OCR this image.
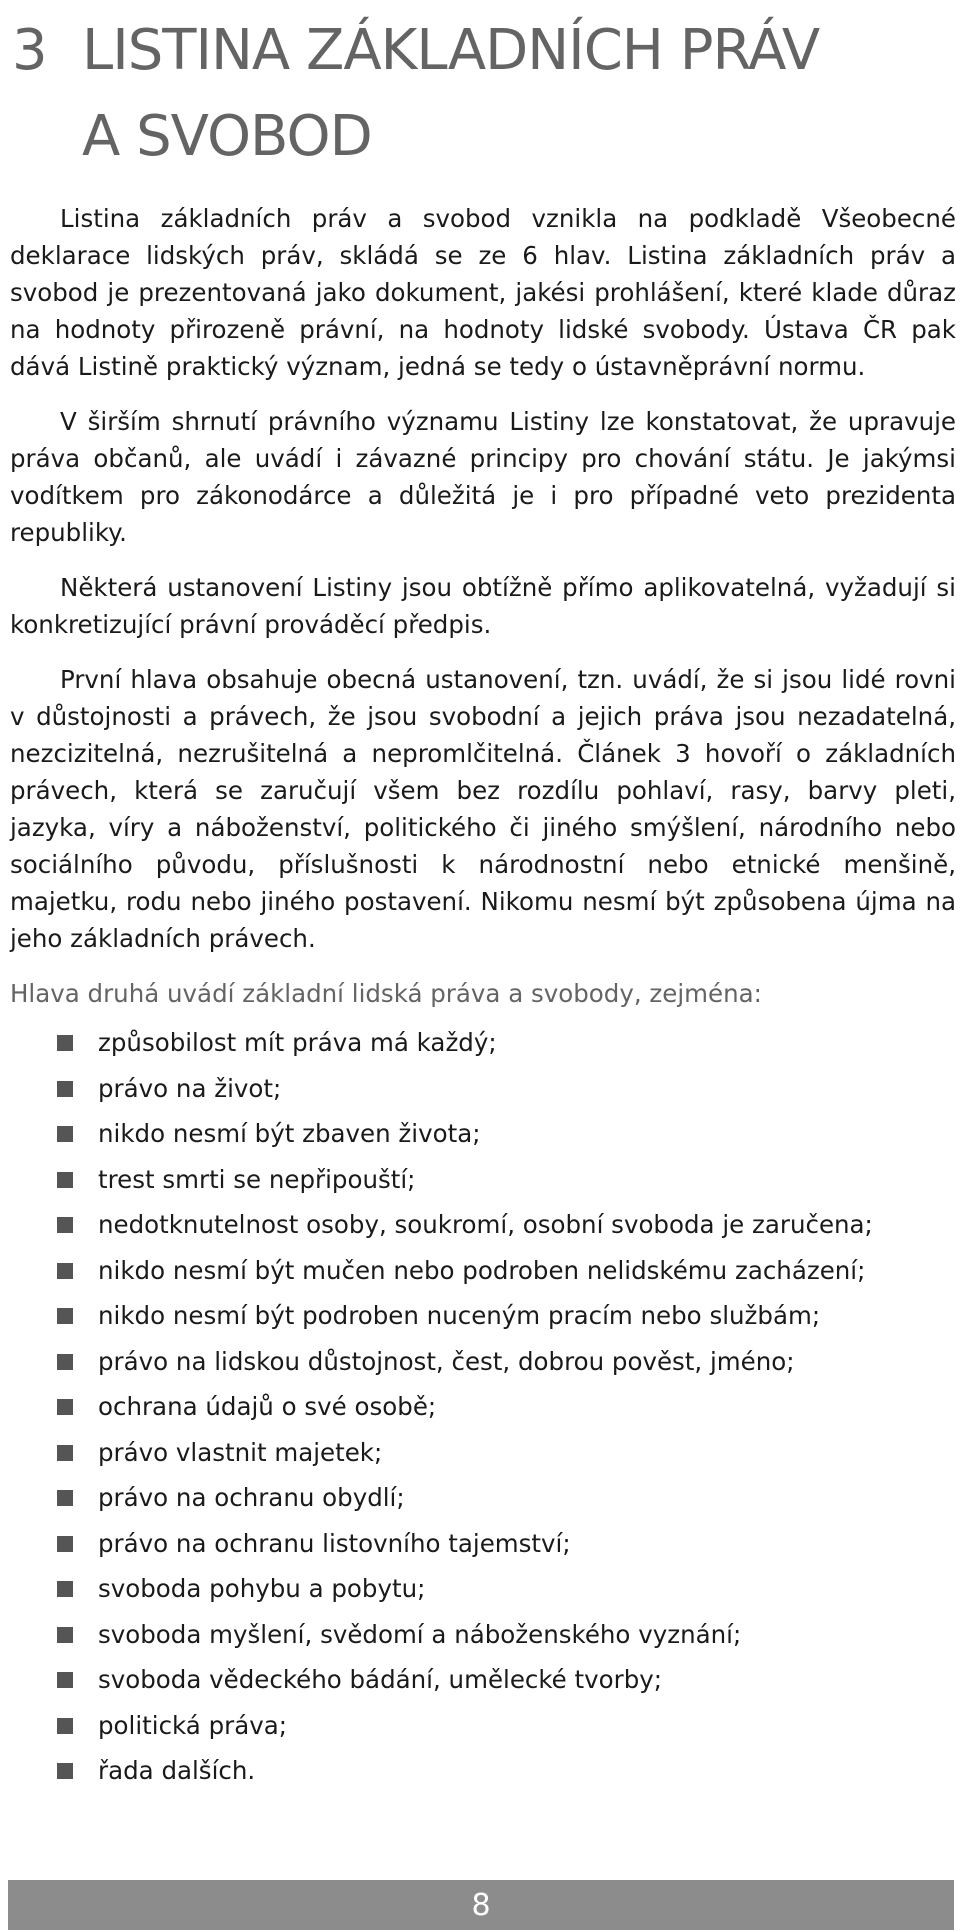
3 LISTINA ZÁKLADNÍCH PRÁV
A SVOBOD

Listina základních práv a svobod vznikla na podkladě Všeobecné deklarace lidských práv, skládá se ze 6 hlav. Listina základních práv a svobod je prezentovaná jako dokument, jakési prohlášení, které klade důraz na hodnoty přirozeně právní, na hodnoty lidské svobody. Ústava ČR pak dává Listině praktický význam, jedná se tedy o ústavněprávní normu.

V širším shrnutí právního významu Listiny lze konstatovat, že upravuje práva občanů, ale uvádí i závazné principy pro chování státu. Je jakýmsi vodítkem pro zákonodárce a důležitá je i pro případné veto prezidenta republiky.

Některá ustanovení Listiny jsou obtížně přímo aplikovatelná, vyžadují si konkretizující právní prováděcí předpis.

První hlava obsahuje obecná ustanovení, tzn. uvádí, že si jsou lidé rovni v důstojnosti a právech, že jsou svobodní a jejich práva jsou nezadatelná, nezcizitelná, nezrušitelná a nepromlčitelná. Článek 3 hovoří o základních právech, která se zaručují všem bez rozdílu pohlaví, rasy, barvy pleti, jazyka, víry a náboženství, politického či jiného smýšlení, národního nebo sociálního původu, příslušnosti k národnostní nebo etnické menšině, majetku, rodu nebo jiného postavení. Nikomu nesmí být způsobena újma na jeho základních právech.

Hlava druhá uvádí základní lidská práva a svobody, zejména:
způsobilost mít práva má každý;
právo na život;
nikdo nesmí být zbaven života;
trest smrti se nepřipouští;
nedotknutelnost osoby, soukromí, osobní svoboda je zaručena;
nikdo nesmí být mučen nebo podroben nelidskému zacházení;
nikdo nesmí být podroben nuceným pracím nebo službám;
právo na lidskou důstojnost, čest, dobrou pověst, jméno;
ochrana údajů o své osobě;
právo vlastnit majetek;
právo na ochranu obydlí;
právo na ochranu listovního tajemství;
svoboda pohybu a pobytu;
svoboda myšlení, svědomí a náboženského vyznání;
svoboda vědeckého bádání, umělecké tvorby;
politická práva;
řada dalších.
8
